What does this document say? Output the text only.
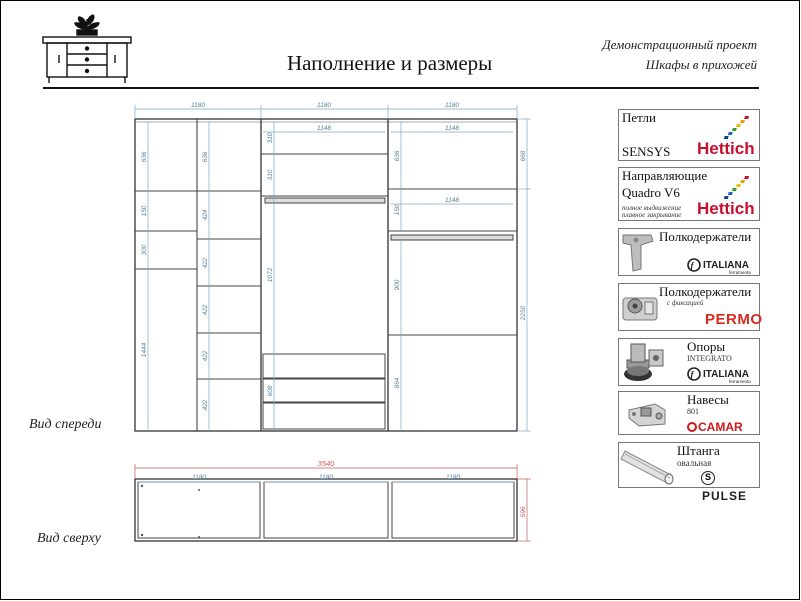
Наполнение и размеры
Демонстрационный проект
Шкафы в прихожей
1180	1180	1180
1148	1148
1148
636
150
300
1444
636
424
422
422
422
422
310
310
1072
608
636
150
900
864
668
2250
3540
1180	1180	1180
596
Вид спереди
Вид сверху
Петли
SENSYS Hettich
Направляющие
Quadro V6
полное выдвижение
плавное закрывание Hettich
Полкодержатели
f ITALIANA
ferramenta
Полкодержатели
с фиксацией
PERMO
Опоры
INTEGRATO
f ITALIANA
ferramenta
Навесы
801
CAMAR
Штанга
овальная
SPULSE
